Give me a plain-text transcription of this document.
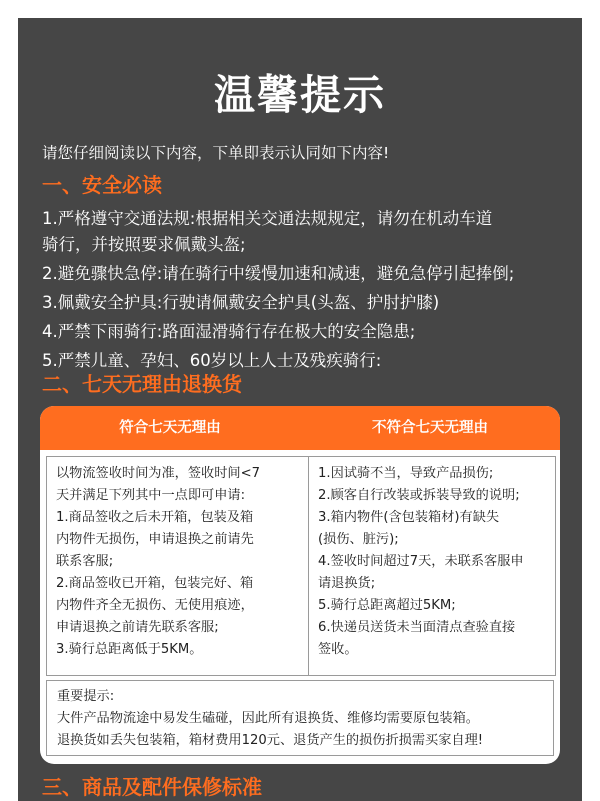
温馨提示
请您仔细阅读以下内容，下单即表示认同如下内容!
一、安全必读

1.严格遵守交通法规:根据相关交通法规规定，请勿在机动车道

骑行，并按照要求佩戴头盔;

2.避免骤快急停:请在骑行中缓慢加速和减速，避免急停引起捧倒;

3.佩戴安全护具:行驶请佩戴安全护具(头盔、护肘护膝)

4.严禁下雨骑行:路面湿滑骑行存在极大的安全隐患;

5.严禁儿童、孕妇、60岁以上人士及残疾骑行:

二、七天无理由退换货
符合七天无理由	不符合七天无理由

以物流签收时间为准，签收时间<7

天并满足下列其中一点即可申请:

1.商品签收之后未开箱，包装及箱

内物件无损伤，申请退换之前请先

联系客服;

2.商品签收已开箱，包装完好、箱

内物件齐全无损伤、无使用痕迹，

申请退换之前请先联系客服;

3.骑行总距离低于5KM。

1.因试骑不当，导致产品损伤;

2.顾客自行改装或拆装导致的说明;

3.箱内物件(含包装箱材)有缺失

(损伤、脏污);

4.签收时间超过7天，未联系客服申

请退换货;

5.骑行总距离超过5KM;

6.快递员送货未当面清点查验直接

签收。

重要提示:

大件产品物流途中易发生磕碰，因此所有退换货、维修均需要原包装箱。

退换货如丢失包装箱，箱材费用120元、退货产生的损伤折损需买家自理!

三、商品及配件保修标准
